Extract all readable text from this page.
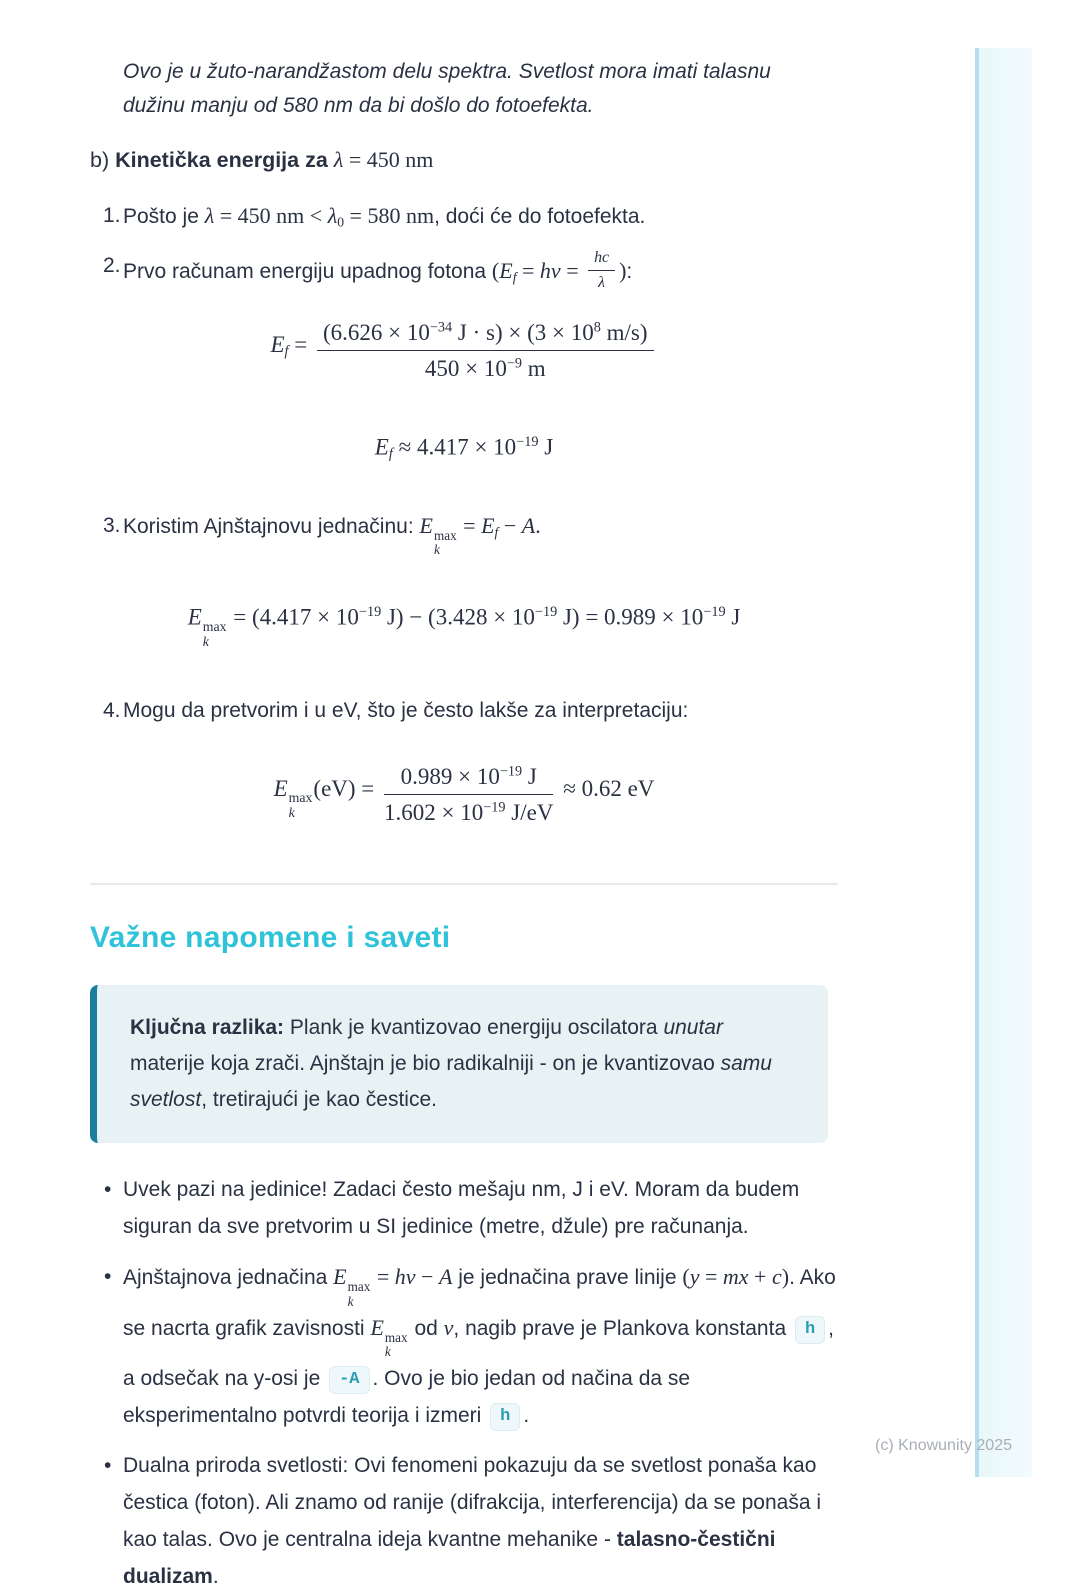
Ovo je u žuto-narandžastom delu spektra. Svetlost mora imati talasnu dužinu manju od 580 nm da bi došlo do fotoefekta.

b) Kinetička energija za λ = 450 nm
1. Pošto je λ = 450 nm < λ0 = 580 nm, doći će do fotoefekta.
2. Prvo računam energiju upadnog fotona (Ef = hv = $\frac{hc}{\lambda}$ ):
$Ef = \frac{(6.626 \times 10^{-34} J \cdot s) \times (3 \times 10^8 m/s)}{450 \times 10^{-9} m}$
$Ef \approx 4.417 \times 10^{-19}$ J
3. Koristim Ajnštajnovu jednačinu: E max
k
= Ef − A.
E max
k
= ($4.417 \times 10^{-19}$ $J) - (3.428 \times 10^{-19}$ $J) = 0.989 \times 10^{-19}$ J
4. Mogu da pretvorim i u eV, što je često lakše za interpretaciju:
E max
k
$(eV) = \frac{0.989 \times 10^{-19} J}{1.602 \times 10^{-19} J/eV} \approx 0.62$ eV
Važne napomene i saveti
Ključna razlika: Plank je kvantizovao energiju oscilatora unutar materije koja zrači. Ajnštajn je bio radikalniji - on je kvantizovao samu svetlost, tretirajući je kao čestice.
• Uvek pazi na jedinice! Zadaci često mešaju nm, J i eV. Moram da budem siguran da sve pretvorim u SI jedinice (metre, džule) pre računanja.
• Ajnštajnova jednačina E max
k
= hv − A je jednačina prave linije (y = mx + c). Ako se nacrta grafik zavisnosti E max
k
od v, nagib prave je Plankova konstanta h , a odsečak na y-osi je -A . Ovo je bio jedan od načina da se eksperimentalno potvrdi teorija i izmeri h .
• Dualna priroda svetlosti: Ovi fenomeni pokazuju da se svetlost ponaša kao čestica (foton). Ali znamo od ranije (difrakcija, interferencija) da se ponaša i kao talas. Ovo je centralna ideja kvantne mehanike - talasno-čestični dualizam.
(c) Knowunity 2025
